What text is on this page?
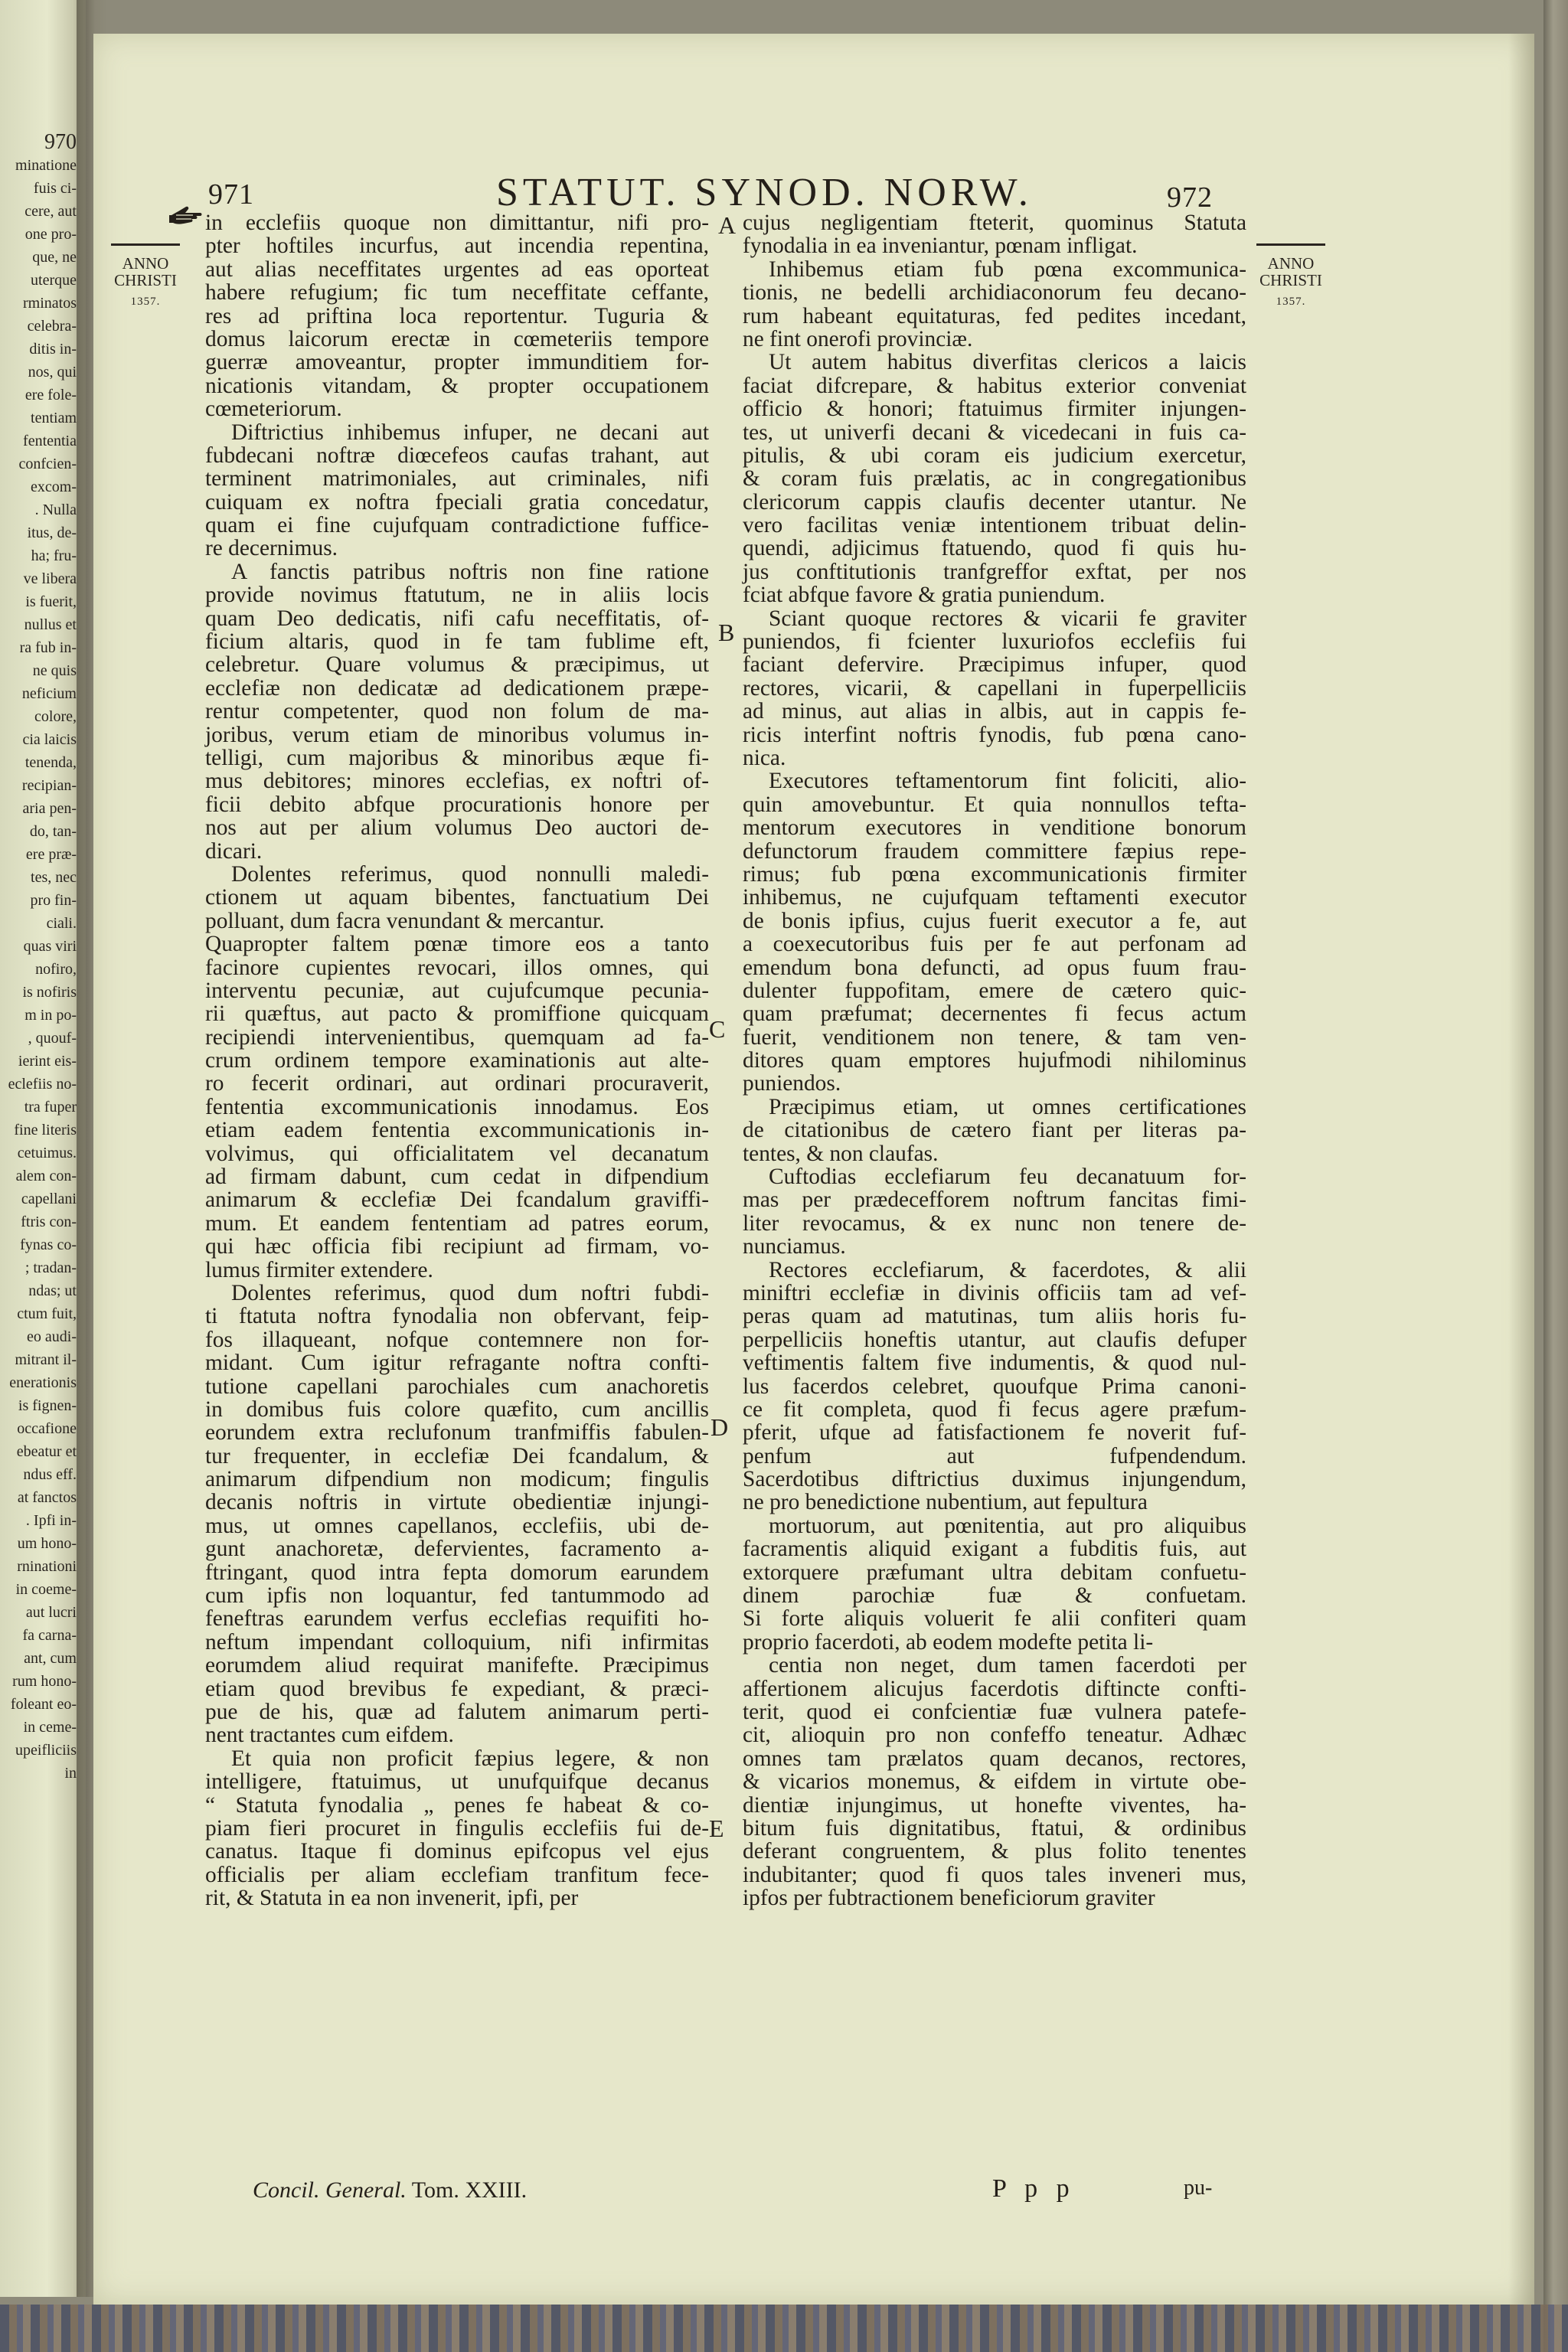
970
minatione
fuis ci-
cere, aut
one pro-
que, ne
uterque
rminatos
celebra-
ditis in-
nos, qui
ere fole-
tentiam
fententia
confcien-
excom-
. Nulla
itus, de-
ha; fru-
ve libera
is fuerit,
nullus et
ra fub in-
ne quis
neficium
colore,
cia laicis
tenenda,
recipian-
aria pen-
do, tan-
ere præ-
tes, nec
pro fin-
ciali.
quas viri
nofiro,
is nofiris
m in po-
, quouf-
ierint eis-
eclefiis no-
tra fuper
fine literis
cetuimus.
alem con-
capellani
ftris con-
fynas co-
; tradan-
ndas; ut
ctum fuit,
eo audi-
mitrant il-
enerationis
is fignen-
occafione
ebeatur et
ndus eff.
at fanctos
. Ipfi in-
um hono-
rninationi
in coeme-
aut lucri
fa carna-
ant, cum
rum hono-
foleant eo-
in ceme-
upeifliciis
in
971	STATUT. SYNOD. NORW.	972
ANNO
CHRISTI
1357.
ANNO
CHRISTI
1357.
in ecclefiis quoque non dimittantur, nifi pro-
pter hoftiles incurfus, aut incendia repentina,
aut alias neceffitates urgentes ad eas oporteat
habere refugium; fic tum neceffitate ceffante,
res ad priftina loca reportentur. Tuguria &
domus laicorum erectæ in cœmeteriis tempore
guerræ amoveantur, propter immunditiem for-
nicationis vitandam, & propter occupationem
cœmeteriorum.
Diftrictius inhibemus infuper, ne decani aut
fubdecani noftræ diœcefeos caufas trahant, aut
terminent matrimoniales, aut criminales, nifi
cuiquam ex noftra fpeciali gratia concedatur,
quam ei fine cujufquam contradictione fuffice-
re decernimus.
A fanctis patribus noftris non fine ratione
provide novimus ftatutum, ne in aliis locis
quam Deo dedicatis, nifi cafu neceffitatis, of-
ficium altaris, quod in fe tam fublime eft,
celebretur. Quare volumus & præcipimus, ut
ecclefiæ non dedicatæ ad dedicationem præpe-
rentur competenter, quod non folum de ma-
joribus, verum etiam de minoribus volumus in-
telligi, cum majoribus & minoribus æque fi-
mus debitores; minores ecclefias, ex noftri of-
ficii debito abfque procurationis honore per
nos aut per alium volumus Deo auctori de-
dicari.
Dolentes referimus, quod nonnulli maledi-
ctionem ut aquam bibentes, fanctuatium Dei
polluant, dum facra venundant & mercantur.
Quapropter faltem pœnæ timore eos a tanto
facinore cupientes revocari, illos omnes, qui
interventu pecuniæ, aut cujufcumque pecunia-
rii quæftus, aut pacto & promiffione quicquam
recipiendi intervenientibus, quemquam ad fa-
crum ordinem tempore examinationis aut alte-
ro fecerit ordinari, aut ordinari procuraverit,
fententia excommunicationis innodamus. Eos
etiam eadem fententia excommunicationis in-
volvimus, qui officialitatem vel decanatum
ad firmam dabunt, cum cedat in difpendium
animarum & ecclefiæ Dei fcandalum graviffi-
mum. Et eandem fententiam ad patres eorum,
qui hæc officia fibi recipiunt ad firmam, vo-
lumus firmiter extendere.
Dolentes referimus, quod dum noftri fubdi-
ti ftatuta noftra fynodalia non obfervant, feip-
fos illaqueant, nofque contemnere non for-
midant. Cum igitur refragante noftra confti-
tutione capellani parochiales cum anachoretis
in domibus fuis colore quæfito, cum ancillis
eorundem extra reclufonum tranfmiffis fabulen-
tur frequenter, in ecclefiæ Dei fcandalum, &
animarum difpendium non modicum; fingulis
decanis noftris in virtute obedientiæ injungi-
mus, ut omnes capellanos, ecclefiis, ubi de-
gunt anachoretæ, defervientes, facramento a-
ftringant, quod intra fepta domorum earundem
cum ipfis non loquantur, fed tantummodo ad
feneftras earundem verfus ecclefias requifiti ho-
neftum impendant colloquium, nifi infirmitas
eorumdem aliud requirat manifefte. Præcipimus
etiam quod brevibus fe expediant, & præci-
pue de his, quæ ad falutem animarum perti-
nent tractantes cum eifdem.
Et quia non proficit fæpius legere, & non
intelligere, ftatuimus, ut unufquifque decanus
“ Statuta fynodalia „ penes fe habeat & co-
piam fieri procuret in fingulis ecclefiis fui de-
canatus. Itaque fi dominus epifcopus vel ejus
officialis per aliam ecclefiam tranfitum fece-
rit, & Statuta in ea non invenerit, ipfi, per
cujus negligentiam fteterit, quominus Statuta
fynodalia in ea inveniantur, pœnam infligat.
Inhibemus etiam fub pœna excommunica-
tionis, ne bedelli archidiaconorum feu decano-
rum habeant equitaturas, fed pedites incedant,
ne fint onerofi provinciæ.
Ut autem habitus diverfitas clericos a laicis
faciat difcrepare, & habitus exterior conveniat
officio & honori; ftatuimus firmiter injungen-
tes, ut univerfi decani & vicedecani in fuis ca-
pitulis, & ubi coram eis judicium exercetur,
& coram fuis prælatis, ac in congregationibus
clericorum cappis claufis decenter utantur. Ne
vero facilitas veniæ intentionem tribuat delin-
quendi, adjicimus ftatuendo, quod fi quis hu-
jus conftitutionis tranfgreffor exftat, per nos
fciat abfque favore & gratia puniendum.
Sciant quoque rectores & vicarii fe graviter
puniendos, fi fcienter luxuriofos ecclefiis fui
faciant defervire. Præcipimus infuper, quod
rectores, vicarii, & capellani in fuperpelliciis
ad minus, aut alias in albis, aut in cappis fe-
ricis interfint noftris fynodis, fub pœna cano-
nica.
Executores teftamentorum fint foliciti, alio-
quin amovebuntur. Et quia nonnullos tefta-
mentorum executores in venditione bonorum
defunctorum fraudem committere fæpius repe-
rimus; fub pœna excommunicationis firmiter
inhibemus, ne cujufquam teftamenti executor
de bonis ipfius, cujus fuerit executor a fe, aut
a coexecutoribus fuis per fe aut perfonam ad
emendum bona defuncti, ad opus fuum frau-
dulenter fuppofitam, emere de cætero quic-
quam præfumat; decernentes fi fecus actum
fuerit, venditionem non tenere, & tam ven-
ditores quam emptores hujufmodi nihilominus
puniendos.
Præcipimus etiam, ut omnes certificationes
de citationibus de cætero fiant per literas pa-
tentes, & non claufas.
Cuftodias ecclefiarum feu decanatuum for-
mas per prædecefforem noftrum fancitas fimi-
liter revocamus, & ex nunc non tenere de-
nunciamus.
Rectores ecclefiarum, & facerdotes, & alii
miniftri ecclefiæ in divinis officiis tam ad vef-
peras quam ad matutinas, tum aliis horis fu-
perpelliciis honeftis utantur, aut claufis defuper
veftimentis faltem five indumentis, & quod nul-
lus facerdos celebret, quoufque Prima canoni-
ce fit completa, quod fi fecus agere præfum-
pferit, ufque ad fatisfactionem fe noverit fuf-
penfum aut fufpendendum.
Sacerdotibus diftrictius duximus injungendum,
ne pro benedictione nubentium, aut fepultura
mortuorum, aut pœnitentia, aut pro aliquibus
facramentis aliquid exigant a fubditis fuis, aut
extorquere præfumant ultra debitam confuetu-
dinem parochiæ fuæ & confuetam.
Si forte aliquis voluerit fe alii confiteri quam
proprio facerdoti, ab eodem modefte petita li-
centia non neget, dum tamen facerdoti per
affertionem alicujus facerdotis diftincte confti-
terit, quod ei confcientiæ fuæ vulnera patefe-
cit, alioquin pro non confeffo teneatur. Adhæc
omnes tam prælatos quam decanos, rectores,
& vicarios monemus, & eifdem in virtute obe-
dientiæ injungimus, ut honefte viventes, ha-
bitum fuis dignitatibus, ftatui, & ordinibus
deferant congruentem, & plus folito tenentes
indubitanter; quod fi quos tales inveneri mus,
ipfos per fubtractionem beneficiorum graviter
A
B
C
D
E
Concil. General. Tom. XXIII.	P p p	pu-
